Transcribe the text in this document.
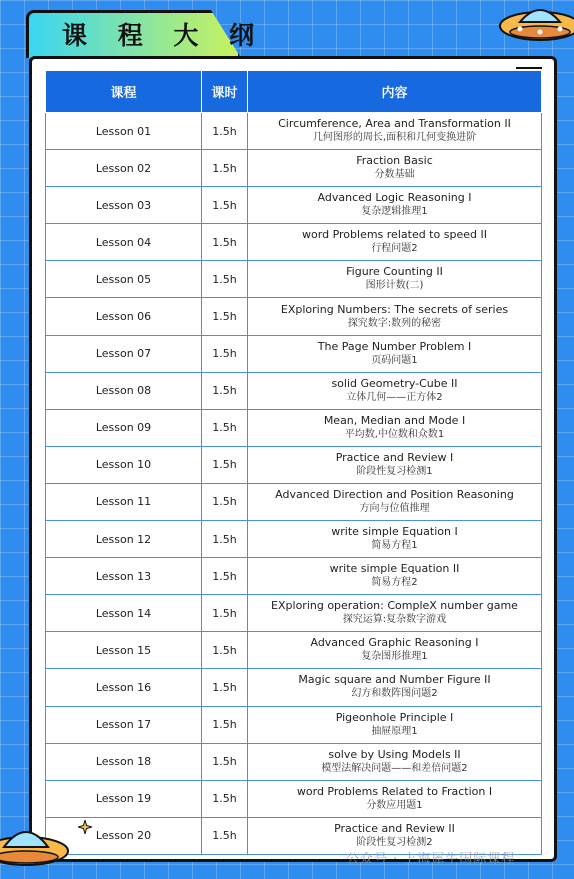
课 程 大 纲
课程	课时	内容
Lesson 01	1.5h	Circumference, Area and Transformation II
几何图形的周长,面积和几何变换进阶

Lesson 02	1.5h	Fraction Basic
分数基础

Lesson 03	1.5h	Advanced Logic Reasoning I
复杂逻辑推理1

Lesson 04	1.5h	word Problems related to speed II
行程问题2

Lesson 05	1.5h	Figure Counting II
图形计数(二)

Lesson 06	1.5h	EXploring Numbers: The secrets of series
探究数字:数列的秘密

Lesson 07	1.5h	The Page Number Problem I
页码问题1

Lesson 08	1.5h	solid Geometry-Cube II
立体几何——正方体2

Lesson 09	1.5h	Mean, Median and Mode I
平均数,中位数和众数1

Lesson 10	1.5h	Practice and Review I
阶段性复习检测1

Lesson 11	1.5h	Advanced Direction and Position Reasoning
方向与位值推理

Lesson 12	1.5h	write simple Equation I
简易方程1

Lesson 13	1.5h	write simple Equation II
简易方程2

Lesson 14	1.5h	EXploring operation: CompleX number game
探究运算:复杂数字游戏

Lesson 15	1.5h	Advanced Graphic Reasoning I
复杂图形推理1

Lesson 16	1.5h	Magic square and Number Figure II
幻方和数阵图问题2

Lesson 17	1.5h	Pigeonhole Principle I
抽屉原理1

Lesson 18	1.5h	solve by Using Models II
模型法解决问题——和差倍问题2

Lesson 19	1.5h	word Problems Related to Fraction I
分数应用题1

Lesson 20	1.5h	Practice and Review II
阶段性复习检测2
公众号 · 上海犀牛国际课程
